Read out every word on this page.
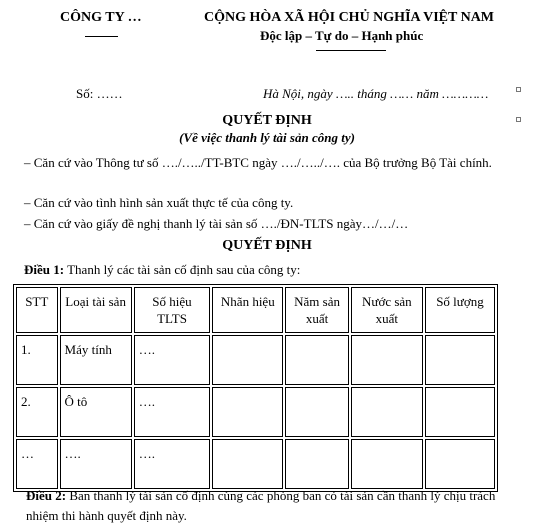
CÔNG TY …	CỘNG HÒA XÃ HỘI CHỦ NGHĨA VIỆT NAM
Độc lập – Tự do – Hạnh phúc
Số: ……	Hà Nội, ngày ….. tháng …… năm …………
QUYẾT ĐỊNH
(Về việc thanh lý tài sản công ty)
– Căn cứ vào Thông tư số …./…../TT-BTC ngày …./…../…. của Bộ trưởng Bộ Tài chính.
– Căn cứ vào tình hình sản xuất thực tế của công ty.
– Căn cứ vào giấy đề nghị thanh lý tài sản số …./ĐN-TLTS ngày…/…/…
QUYẾT ĐỊNH
Điều 1: Thanh lý các tài sản cố định sau của công ty:
STT	Loại tài sản	Số hiệu TLTS	Nhãn hiệu	Năm sản xuất	Nước sản xuất	Số lượng
1.	Máy tính	….				
2.	Ô tô	….				
…	….	….				
Điều 2: Ban thanh lý tài sản cố định cùng các phòng ban có tài sản cần thanh lý chịu trách nhiệm thi hành quyết định này.
